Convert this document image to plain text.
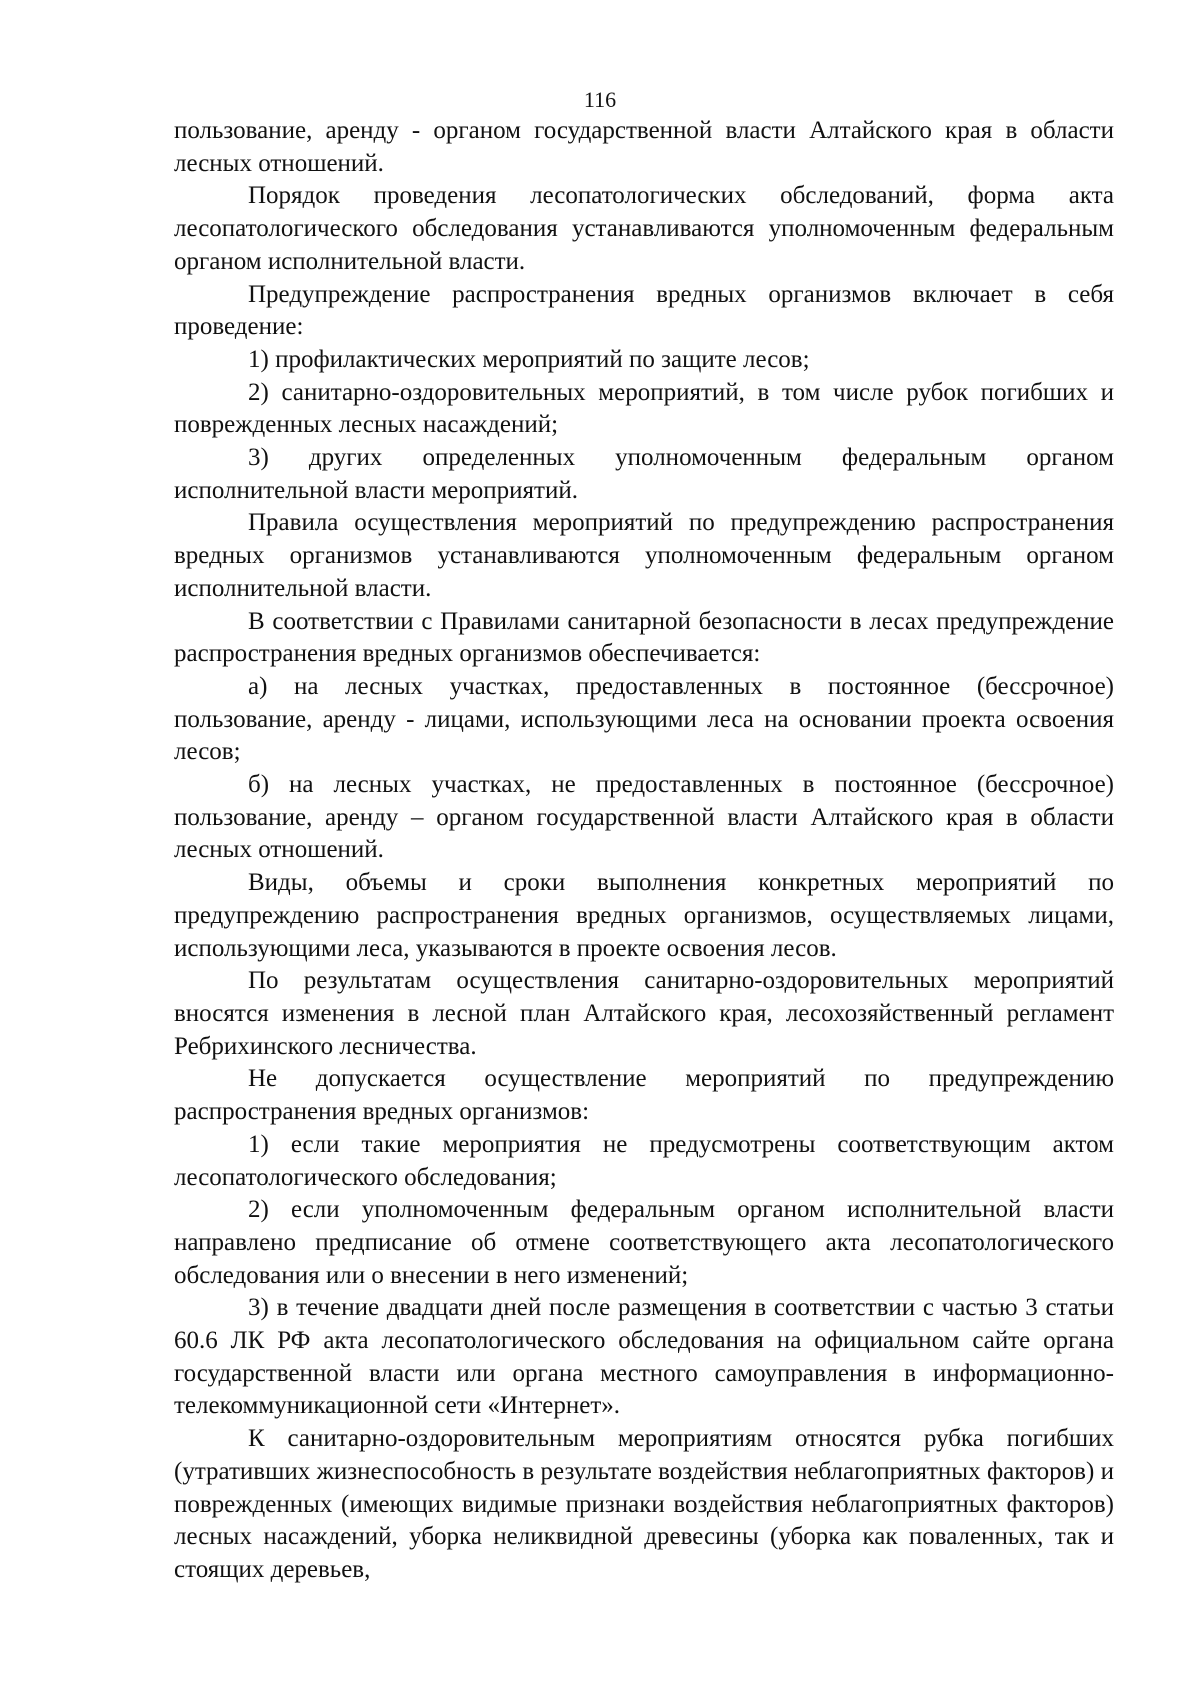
116

пользование, аренду - органом государственной власти Алтайского края в области лесных отношений.

Порядок проведения лесопатологических обследований, форма акта лесопатологического обследования устанавливаются уполномоченным федеральным органом исполнительной власти.

Предупреждение распространения вредных организмов включает в себя проведение:

1) профилактических мероприятий по защите лесов;

2) санитарно-оздоровительных мероприятий, в том числе рубок погибших и поврежденных лесных насаждений;

3) других определенных уполномоченным федеральным органом исполнительной власти мероприятий.

Правила осуществления мероприятий по предупреждению распространения вредных организмов устанавливаются уполномоченным федеральным органом исполнительной власти.

В соответствии с Правилами санитарной безопасности в лесах предупреждение распространения вредных организмов обеспечивается:

а) на лесных участках, предоставленных в постоянное (бессрочное) пользование, аренду - лицами, использующими леса на основании проекта освоения лесов;

б) на лесных участках, не предоставленных в постоянное (бессрочное) пользование, аренду – органом государственной власти Алтайского края в области лесных отношений.

Виды, объемы и сроки выполнения конкретных мероприятий по предупреждению распространения вредных организмов, осуществляемых лицами, использующими леса, указываются в проекте освоения лесов.

По результатам осуществления санитарно-оздоровительных мероприятий вносятся изменения в лесной план Алтайского края, лесохозяйственный регламент Ребрихинского лесничества.

Не допускается осуществление мероприятий по предупреждению распространения вредных организмов:

1) если такие мероприятия не предусмотрены соответствующим актом лесопатологического обследования;

2) если уполномоченным федеральным органом исполнительной власти направлено предписание об отмене соответствующего акта лесопатологического обследования или о внесении в него изменений;

3) в течение двадцати дней после размещения в соответствии с частью 3 статьи 60.6 ЛК РФ акта лесопатологического обследования на официальном сайте органа государственной власти или органа местного самоуправления в информационно-телекоммуникационной сети «Интернет».

К санитарно-оздоровительным мероприятиям относятся рубка погибших (утративших жизнеспособность в результате воздействия неблагоприятных факторов) и поврежденных (имеющих видимые признаки воздействия неблагоприятных факторов) лесных насаждений, уборка неликвидной древесины (уборка как поваленных, так и стоящих деревьев,
